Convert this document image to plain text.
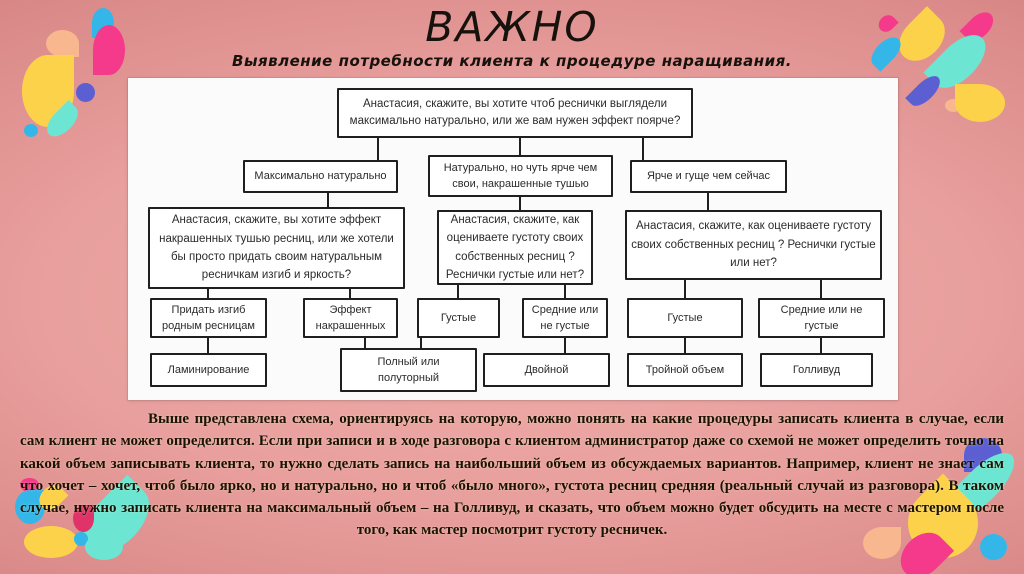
ВАЖНО
Выявление потребности клиента к процедуре наращивания.
Анастасия, скажите, вы хотите чтоб реснички выглядели максимально натурально, или же вам нужен эффект поярче?
Максимально натурально
Натурально, но чуть ярче чем свои, накрашенные тушью
Ярче и гуще чем сейчас
Анастасия, скажите, вы хотите эффект накрашенных тушью ресниц, или же хотели бы просто придать своим натуральным ресничкам изгиб и яркость?
Анастасия, скажите, как оцениваете густоту своих собственных ресниц ? Реснички густые или нет?
Анастасия, скажите, как оцениваете густоту своих собственных ресниц ? Реснички густые или нет?
Придать изгиб родным ресницам
Эффект накрашенных
Густые
Средние или не густые
Густые
Средние или не густые
Ламинирование
Полный или полуторный
Двойной	Тройной объем	Голливуд
Выше представлена схема, ориентируясь на которую, можно понять на какие процедуры записать клиента в случае, если сам клиент не может определится. Если при записи и в ходе разговора с клиентом администратор даже со схемой не может определить точно на какой объем записывать клиента, то нужно сделать запись на наибольший объем из обсуждаемых вариантов. Например, клиент не знает сам что хочет – хочет, чтоб было ярко, но и натурально, но и чтоб «было много», густота ресниц средняя (реальный случай из разговора). В таком случае, нужно записать клиента на максимальный объем – на Голливуд, и сказать, что объем можно будет обсудить на месте с мастером после того, как мастер посмотрит густоту ресничек.
